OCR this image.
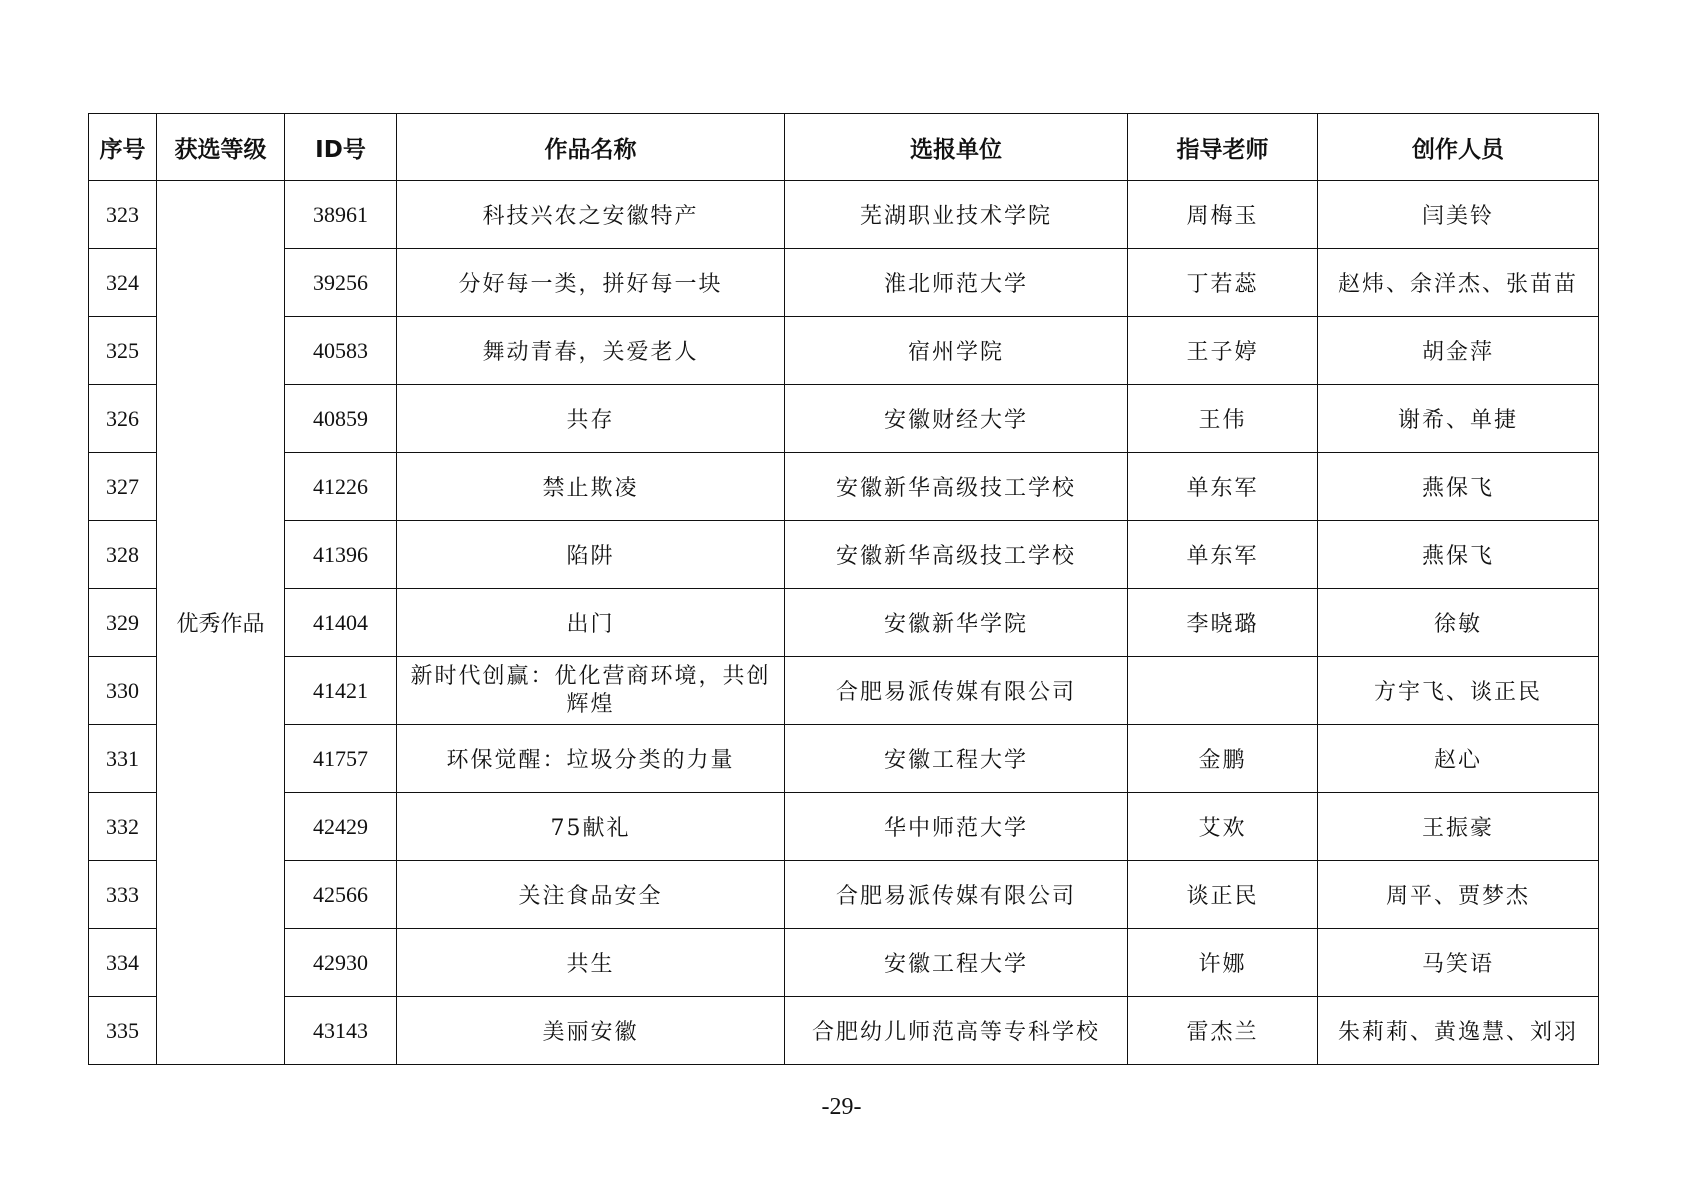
序号	获选等级	ID号	作品名称	选报单位	指导老师	创作人员
323	优秀作品	38961	科技兴农之安徽特产	芜湖职业技术学院	周梅玉	闫美铃
324		39256	分好每一类，拼好每一块	淮北师范大学	丁若蕊	赵炜、余洋杰、张苗苗
325		40583	舞动青春，关爱老人	宿州学院	王子婷	胡金萍
326		40859	共存	安徽财经大学	王伟	谢希、单捷
327		41226	禁止欺凌	安徽新华高级技工学校	单东军	燕保飞
328		41396	陷阱	安徽新华高级技工学校	单东军	燕保飞
329		41404	出门	安徽新华学院	李晓璐	徐敏
330		41421	新时代创赢：优化营商环境，共创辉煌	合肥易派传媒有限公司		方宇飞、谈正民
331		41757	环保觉醒：垃圾分类的力量	安徽工程大学	金鹏	赵心
332		42429	75献礼	华中师范大学	艾欢	王振豪
333		42566	关注食品安全	合肥易派传媒有限公司	谈正民	周平、贾梦杰
334		42930	共生	安徽工程大学	许娜	马笑语
335		43143	美丽安徽	合肥幼儿师范高等专科学校	雷杰兰	朱莉莉、黄逸慧、刘羽
-29-
